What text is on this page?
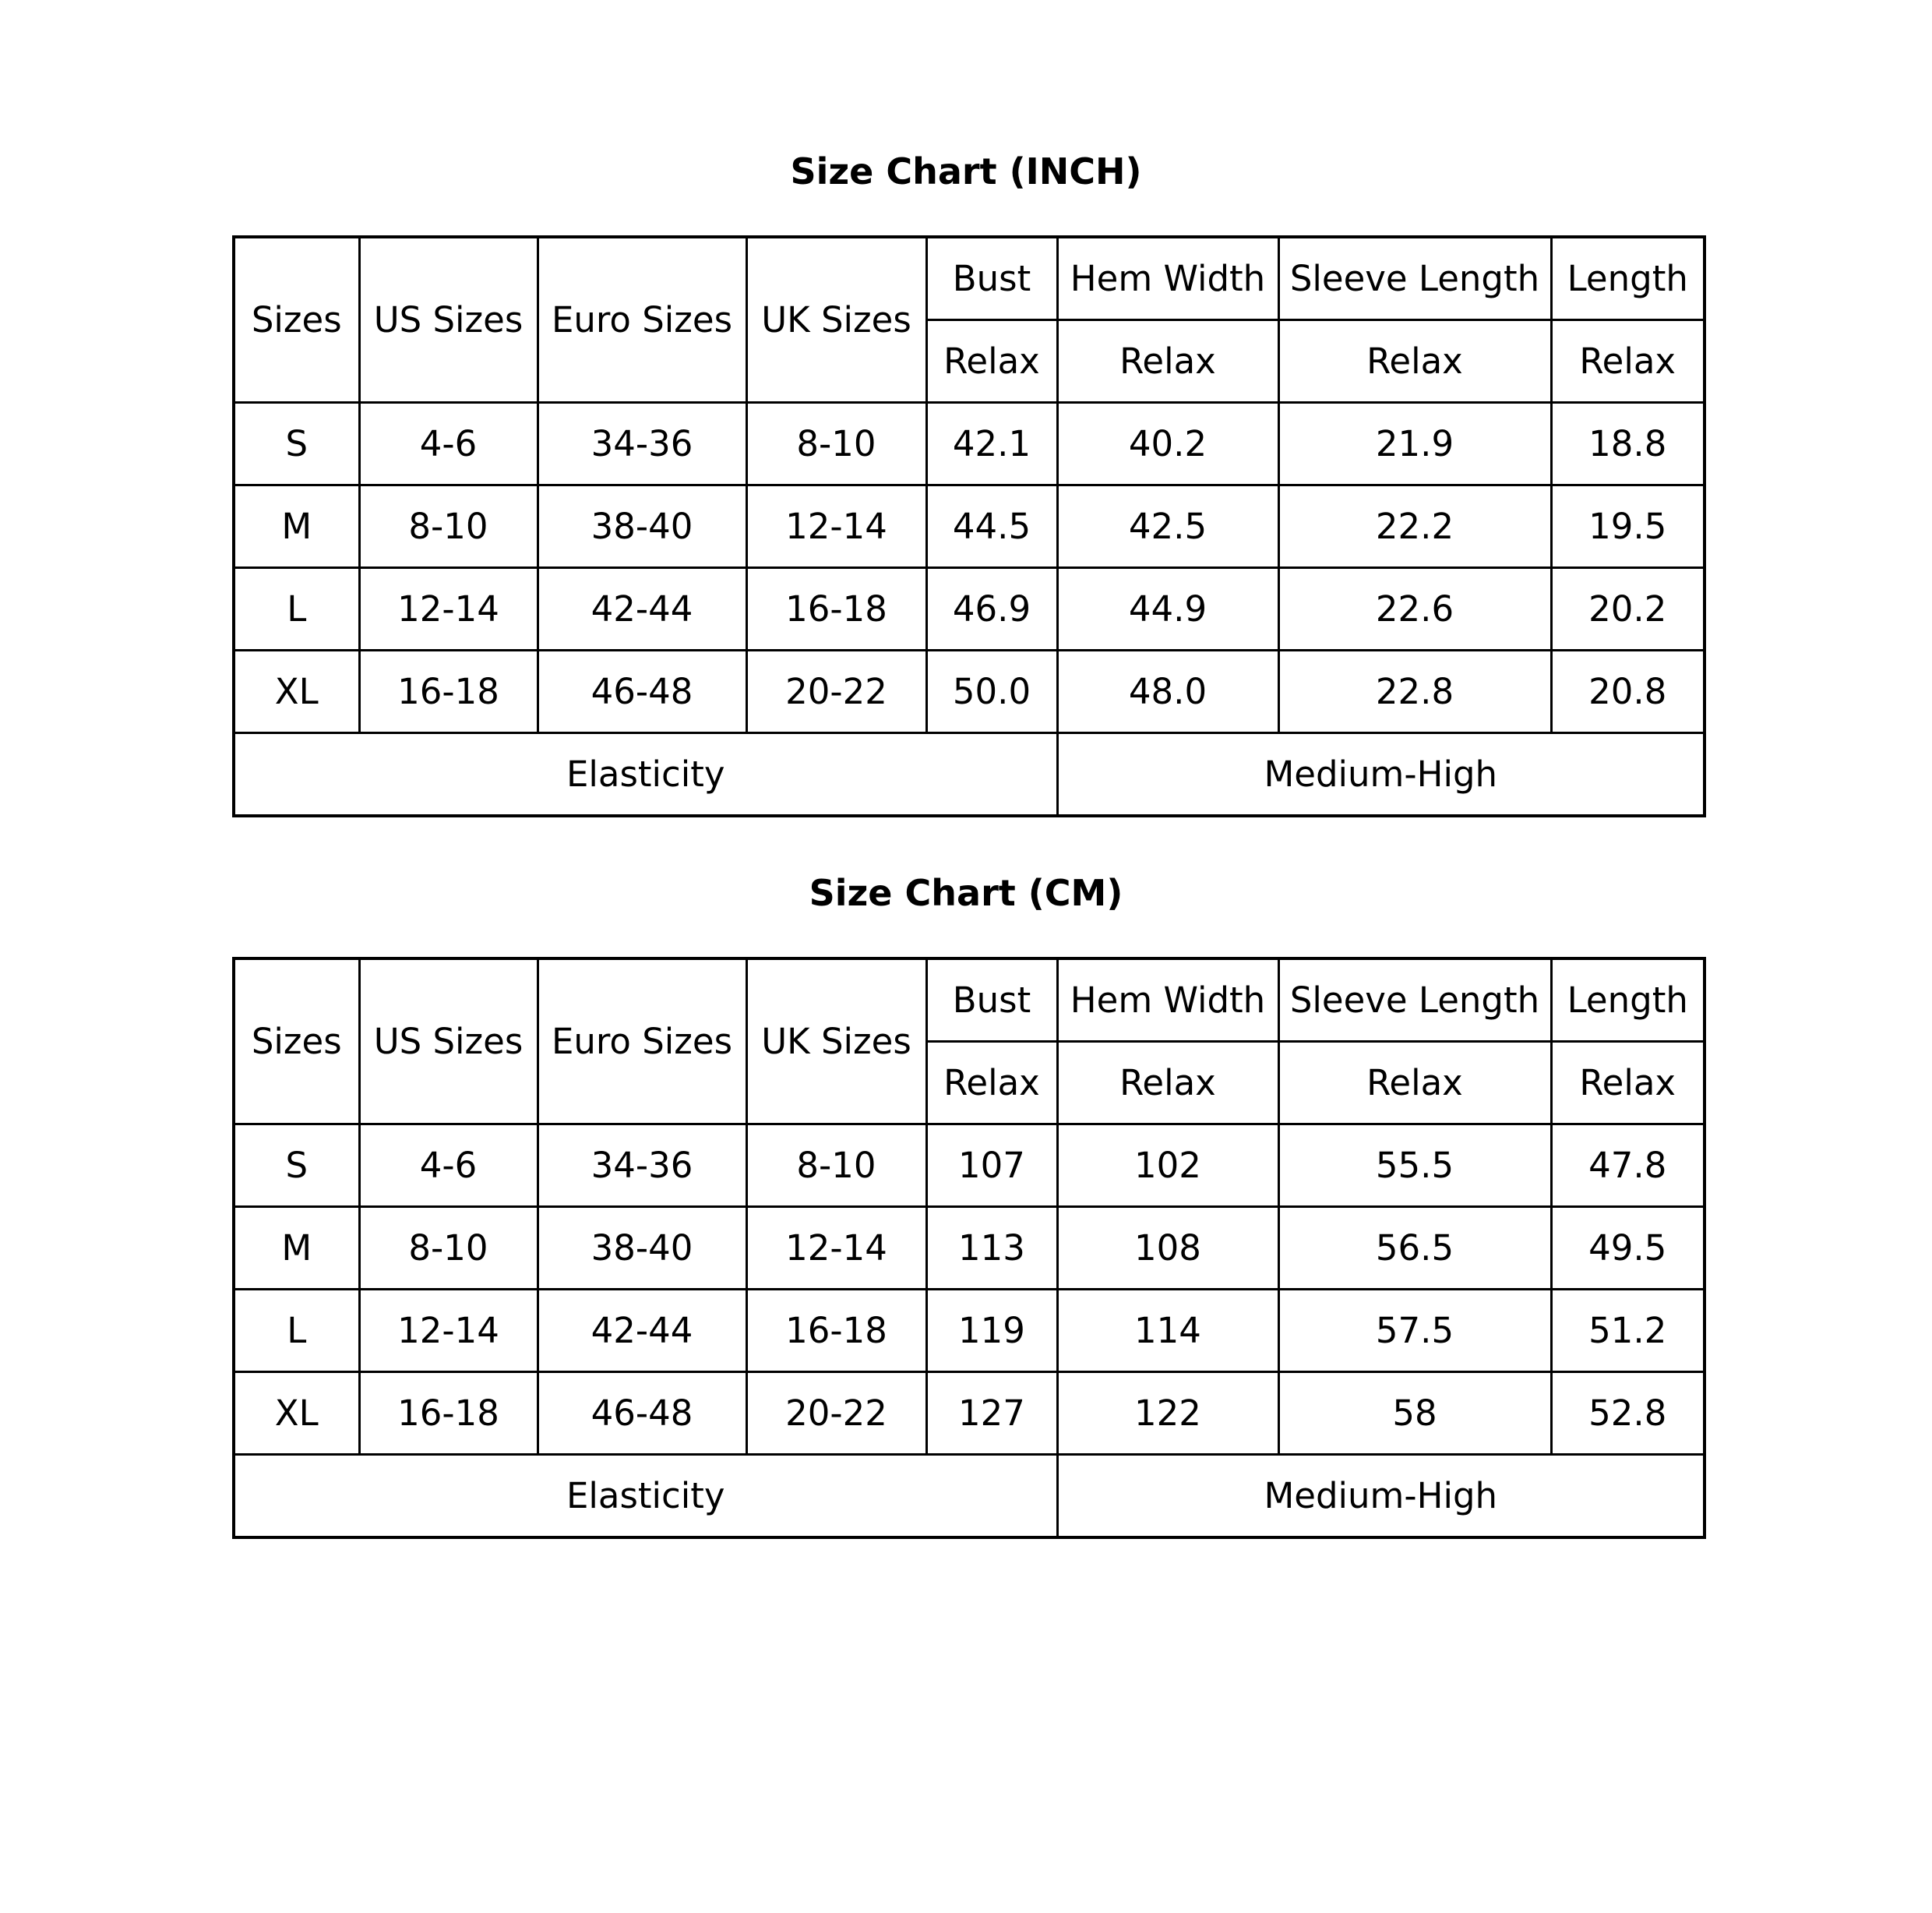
Size Chart (INCH)
Sizes	US Sizes	Euro Sizes	UK Sizes	Bust	Hem Width	Sleeve Length	Length
				Relax	Relax	Relax	Relax
S	4-6	34-36	8-10	42.1	40.2	21.9	18.8
M	8-10	38-40	12-14	44.5	42.5	22.2	19.5
L	12-14	42-44	16-18	46.9	44.9	22.6	20.2
XL	16-18	46-48	20-22	50.0	48.0	22.8	20.8
Elasticity					Medium-High		
Size Chart (CM)
Sizes	US Sizes	Euro Sizes	UK Sizes	Bust	Hem Width	Sleeve Length	Length
				Relax	Relax	Relax	Relax
S	4-6	34-36	8-10	107	102	55.5	47.8
M	8-10	38-40	12-14	113	108	56.5	49.5
L	12-14	42-44	16-18	119	114	57.5	51.2
XL	16-18	46-48	20-22	127	122	58	52.8
Elasticity					Medium-High		
